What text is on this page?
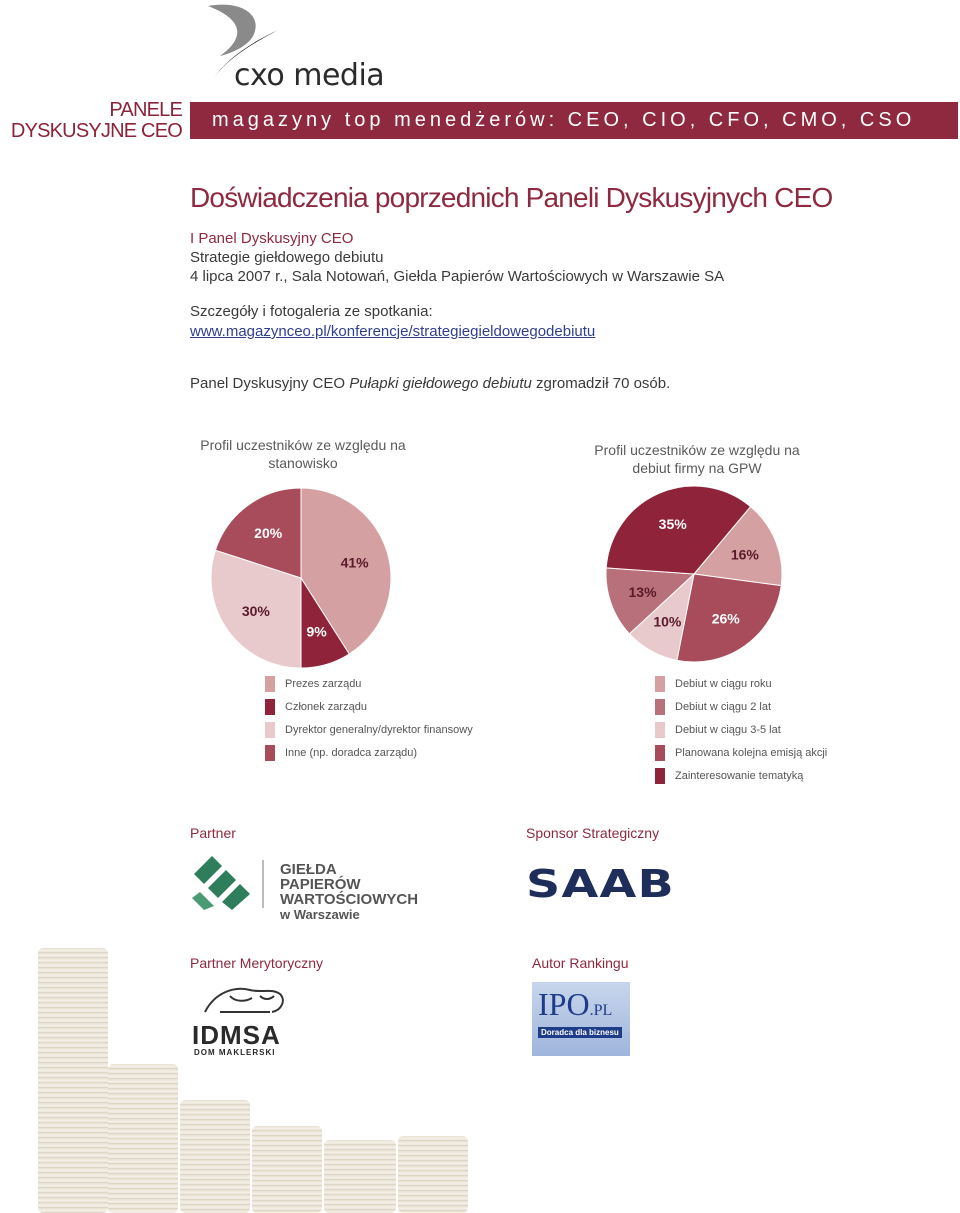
cxo media
PANELE DYSKUSYJNE CEO	magazyny top menedżerów: CEO, CIO, CFO, CMO, CSO
Doświadczenia poprzednich Paneli Dyskusyjnych CEO
I Panel Dyskusyjny CEO
Strategie giełdowego debiutu
4 lipca 2007 r., Sala Notowań, Giełda Papierów Wartościowych w Warszawie SA
Szczegóły i fotogaleria ze spotkania:
www.magazynceo.pl/konferencje/strategiegieldowegodebiutu
Panel Dyskusyjny CEO Pułapki giełdowego debiutu zgromadził 70 osób.
Profil uczestników ze względu na stanowisko
Profil uczestników ze względu na debiut firmy na GPW
41%
9%
30%
20%
16%
26%
10%
13%
35%
Prezes zarządu
Członek zarządu
Dyrektor generalny/dyrektor finansowy
Inne (np. doradca zarządu)
Debiut w ciągu roku
Debiut w ciągu 2 lat
Debiut w ciągu 3-5 lat
Planowana kolejna emisją akcji
Zainteresowanie tematyką
Partner
GIEŁDA PAPIERÓW
WARTOŚCIOWYCH
w Warszawie
Sponsor Strategiczny
SAAB
Partner Merytoryczny
IDMSA
DOM MAKLERSKI
Autor Rankingu
IPO.PL
Doradca dla biznesu
